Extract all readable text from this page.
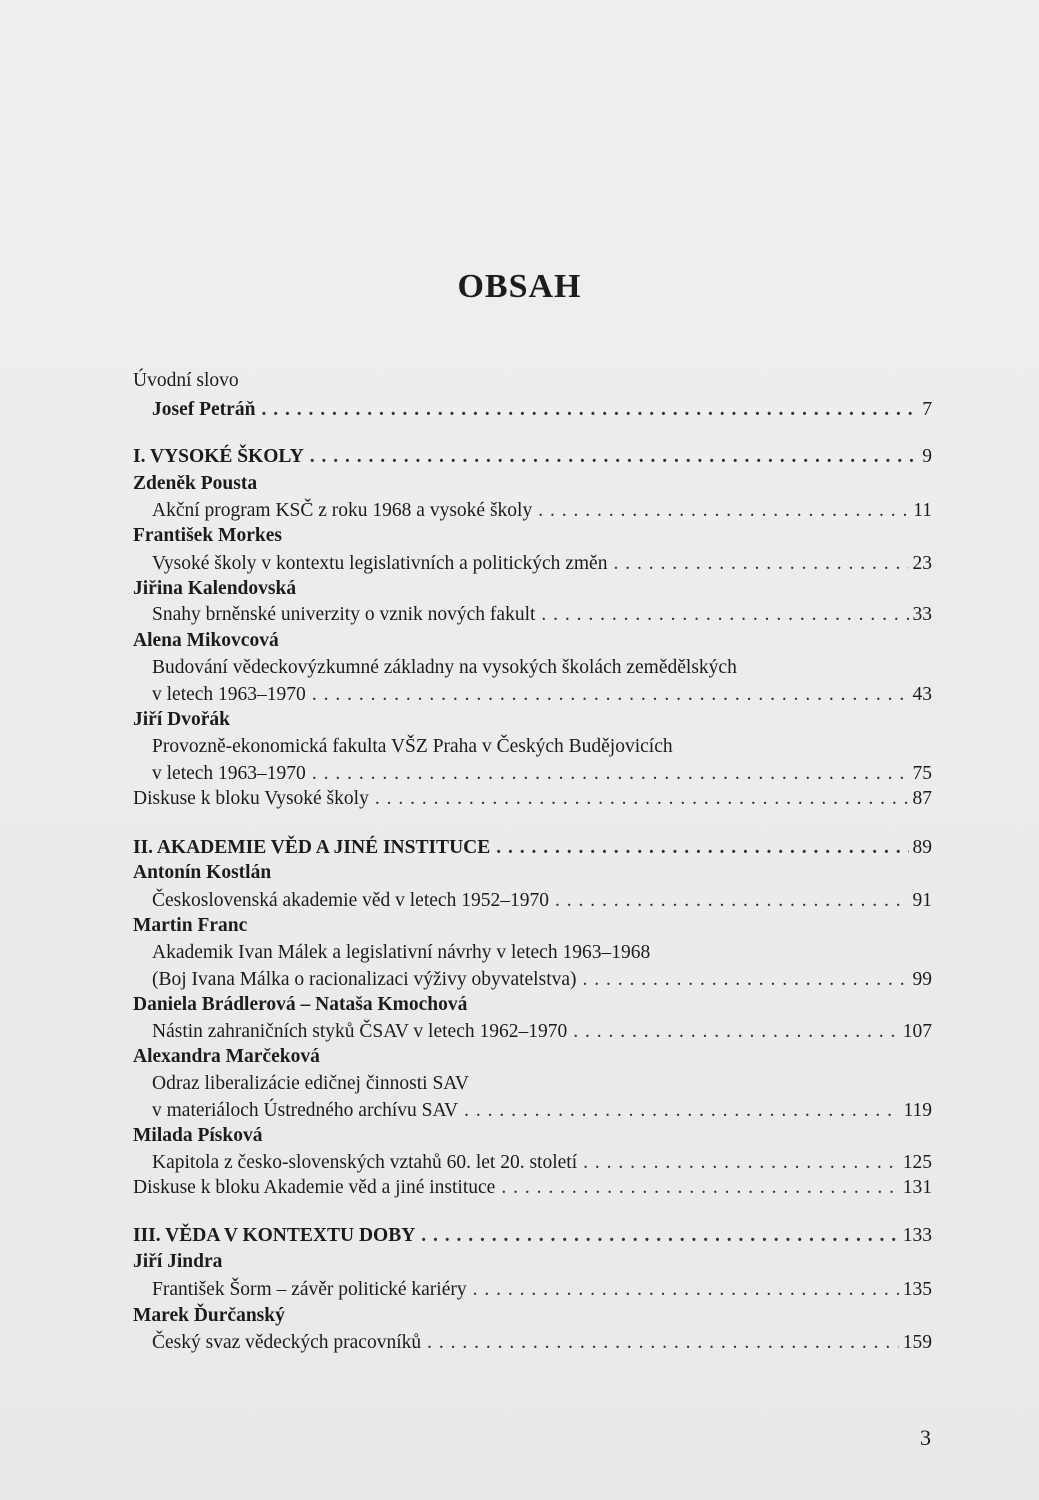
OBSAH
Úvodní slovo
Josef Petráň . . .	7
I. VYSOKÉ ŠKOLY . . .	9
Zdeněk Pousta
Akční program KSČ z roku 1968 a vysoké školy . . .	11
František Morkes
Vysoké školy v kontextu legislativních a politických změn . . .	23
Jiřina Kalendovská
Snahy brněnské univerzity o vznik nových fakult . . .	33
Alena Mikovcová
Budování vědeckovýzkumné základny na vysokých školách zemědělských
v letech 1963–1970 . . .	43
Jiří Dvořák
Provozně-ekonomická fakulta VŠZ Praha v Českých Budějovicích
v letech 1963–1970 . . .	75
Diskuse k bloku Vysoké školy . . .	87
II. AKADEMIE VĚD A JINÉ INSTITUCE . . .	89
Antonín Kostlán
Československá akademie věd v letech 1952–1970 . . .	91
Martin Franc
Akademik Ivan Málek a legislativní návrhy v letech 1963–1968
(Boj Ivana Málka o racionalizaci výživy obyvatelstva) . . .	99
Daniela Brádlerová – Nataša Kmochová
Nástin zahraničních styků ČSAV v letech 1962–1970 . . .	107
Alexandra Marčeková
Odraz liberalizácie edičnej činnosti SAV
v materiáloch Ústredného archívu SAV . . .	119
Milada Písková
Kapitola z česko-slovenských vztahů 60. let 20. století . . .	125
Diskuse k bloku Akademie věd a jiné instituce . . .	131
III. VĚDA V KONTEXTU DOBY . . .	133
Jiří Jindra
František Šorm – závěr politické kariéry . . .	135
Marek Ďurčanský
Český svaz vědeckých pracovníků . . .	159
3
